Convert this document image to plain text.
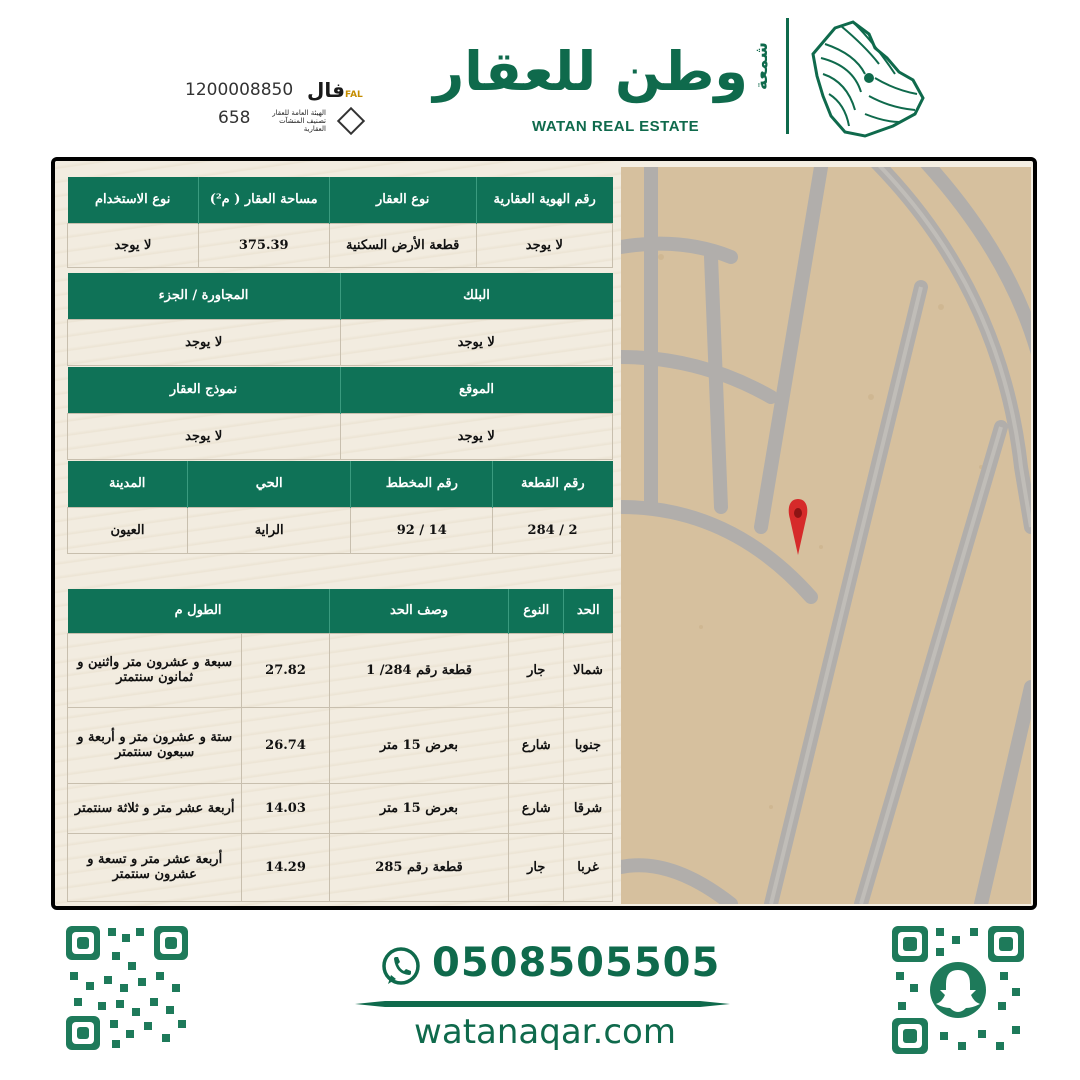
1200008850
658
فالFAL
الهيئة العامة للعقار تصنيف المنشآت العقارية
وطن للعقار
WATAN REAL ESTATE
شمعة
رقم الهوية العقارية	نوع العقار	مساحة العقار ( م²)	نوع الاستخدام
لا يوجد	قطعة الأرض السكنية	375.39	لا يوجد
البلك	المجاورة / الجزء
لا يوجد	لا يوجد
الموقع	نموذج العقار
لا يوجد	لا يوجد
رقم القطعة	رقم المخطط	الحي	المدينة
2 / 284	14 / 92	الراية	العيون
الحد	النوع	وصف الحد	الطول م	
شمالا	جار	قطعة رقم 284/ 1	27.82	سبعة و عشرون متر واثنين و ثمانون سنتمتر
جنوبا	شارع	بعرض 15 متر	26.74	ستة و عشرون متر و أربعة و سبعون سنتمتر
شرقا	شارع	بعرض 15 متر	14.03	أربعة عشر متر و ثلاثة سنتمتر
غربا	جار	قطعة رقم 285	14.29	أربعة عشر متر و تسعة و عشرون سنتمتر
0508505505
watanaqar.com
